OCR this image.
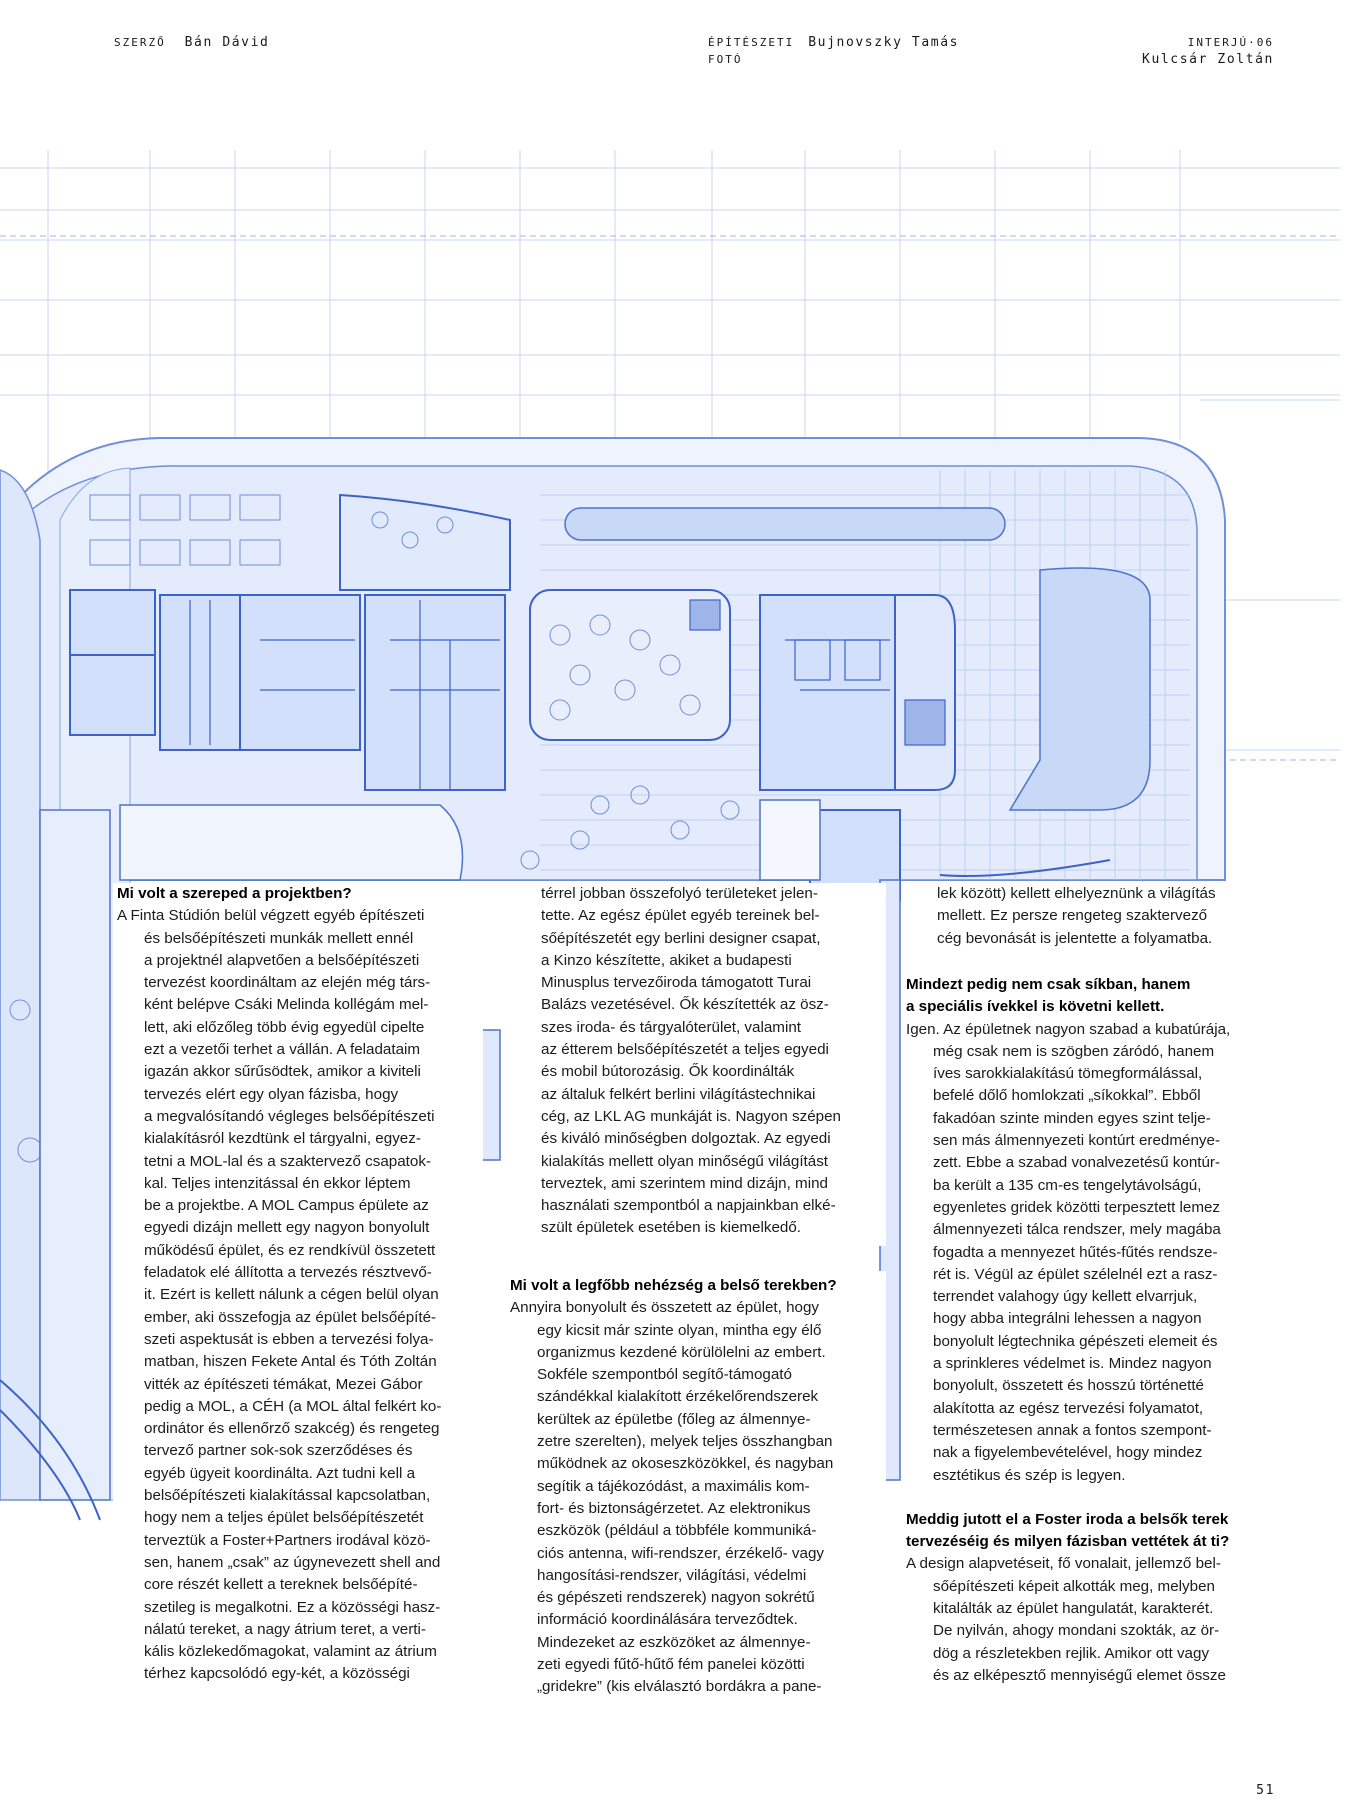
SZERZŐ Bán Dávid	ÉPÍTÉSZETI
FOTÓ
Bujnovszky Tamás	INTERJÚ·06
Kulcsár Zoltán

Mi volt a szereped a projektben?

A Finta Stúdión belül végzett egyéb építészeti

és belsőépítészeti munkák mellett ennél
a projektnél alapvetően a belsőépítészeti
tervezést koordináltam az elején még társ-
ként belépve Csáki Melinda kollégám mel-
lett, aki előzőleg több évig egyedül cipelte
ezt a vezetői terhet a vállán. A feladataim
igazán akkor sűrűsödtek, amikor a kiviteli
tervezés elért egy olyan fázisba, hogy
a megvalósítandó végleges belsőépítészeti
kialakításról kezdtünk el tárgyalni, egyez-
tetni a MOL-lal és a szaktervező csapatok-
kal. Teljes intenzitással én ekkor léptem
be a projektbe. A MOL Campus épülete az
egyedi dizájn mellett egy nagyon bonyolult
működésű épület, és ez rendkívül összetett
feladatok elé állította a tervezés résztvevő-
it. Ezért is kellett nálunk a cégen belül olyan
ember, aki összefogja az épület belsőépíté-
szeti aspektusát is ebben a tervezési folya-
matban, hiszen Fekete Antal és Tóth Zoltán
vitték az építészeti témákat, Mezei Gábor
pedig a MOL, a CÉH (a MOL által felkért ko-
ordinátor és ellenőrző szakcég) és rengeteg
tervező partner sok-sok szerződéses és
egyéb ügyeit koordinálta. Azt tudni kell a
belsőépítészeti kialakítással kapcsolatban,
hogy nem a teljes épület belsőépítészetét
terveztük a Foster+Partners irodával közö-
sen, hanem „csak” az úgynevezett shell and
core részét kellett a tereknek belsőépíté-
szetileg is megalkotni. Ez a közösségi hasz-
nálatú tereket, a nagy átrium teret, a verti-
kális közlekedőmagokat, valamint az átrium
térhez kapcsolódó egy-két, a közösségi
térrel jobban összefolyó területeket jelen-
tette. Az egész épület egyéb tereinek bel-
sőépítészetét egy berlini designer csapat,
a Kinzo készítette, akiket a budapesti
Minusplus tervezőiroda támogatott Turai
Balázs vezetésével. Ők készítették az ösz-
szes iroda- és tárgyalóterület, valamint
az étterem belsőépítészetét a teljes egyedi
és mobil bútorozásig. Ők koordinálták
az általuk felkért berlini világítástechnikai
cég, az LKL AG munkáját is. Nagyon szépen
és kiváló minőségben dolgoztak. Az egyedi
kialakítás mellett olyan minőségű világítást
terveztek, ami szerintem mind dizájn, mind
használati szempontból a napjainkban elké-
szült épületek esetében is kiemelkedő.

Mi volt a legfőbb nehézség a belső terekben?

Annyira bonyolult és összetett az épület, hogy

egy kicsit már szinte olyan, mintha egy élő
organizmus kezdené körülölelni az embert.
Sokféle szempontból segítő-támogató
szándékkal kialakított érzékelőrendszerek
kerültek az épületbe (főleg az álmennye-
zetre szerelten), melyek teljes összhangban
működnek az okoseszközökkel, és nagyban
segítik a tájékozódást, a maximális kom-
fort- és biztonságérzetet. Az elektronikus
eszközök (például a többféle kommuniká-
ciós antenna, wifi-rendszer, érzékelő- vagy
hangosítási-rendszer, világítási, védelmi
és gépészeti rendszerek) nagyon sokrétű
információ koordinálására terveződtek.
Mindezeket az eszközöket az álmennye-
zeti egyedi fűtő-hűtő fém panelei közötti
„gridekre” (kis elválasztó bordákra a pane-
lek között) kellett elhelyeznünk a világítás
mellett. Ez persze rengeteg szaktervező
cég bevonását is jelentette a folyamatba.
Mindezt pedig nem csak síkban, hanem
a speciális ívekkel is követni kellett.

Igen. Az épületnek nagyon szabad a kubatúrája,

még csak nem is szögben záródó, hanem
íves sarokkialakítású tömegformálással,
befelé dőlő homlokzati „síkokkal”. Ebből
fakadóan szinte minden egyes szint telje-
sen más álmennyezeti kontúrt eredménye-
zett. Ebbe a szabad vonalvezetésű kontúr-
ba került a 135 cm-es tengelytávolságú,
egyenletes gridek közötti terpesztett lemez
álmennyezeti tálca rendszer, mely magába
fogadta a mennyezet hűtés-fűtés rendsze-
rét is. Végül az épület szélelnél ezt a rasz-
terrendet valahogy úgy kellett elvarrjuk,
hogy abba integrálni lehessen a nagyon
bonyolult légtechnika gépészeti elemeit és
a sprinkleres védelmet is. Mindez nagyon
bonyolult, összetett és hosszú történetté
alakította az egész tervezési folyamatot,
természetesen annak a fontos szempont-
nak a figyelembevételével, hogy mindez
esztétikus és szép is legyen.
Meddig jutott el a Foster iroda a belsők terek
tervezéséig és milyen fázisban vettétek át ti?

A design alapvetéseit, fő vonalait, jellemző bel-

sőépítészeti képeit alkották meg, melyben
kitalálták az épület hangulatát, karakterét.
De nyilván, ahogy mondani szokták, az ör-
dög a részletekben rejlik. Amikor ott vagy
és az elképesztő mennyiségű elemet össze
51
